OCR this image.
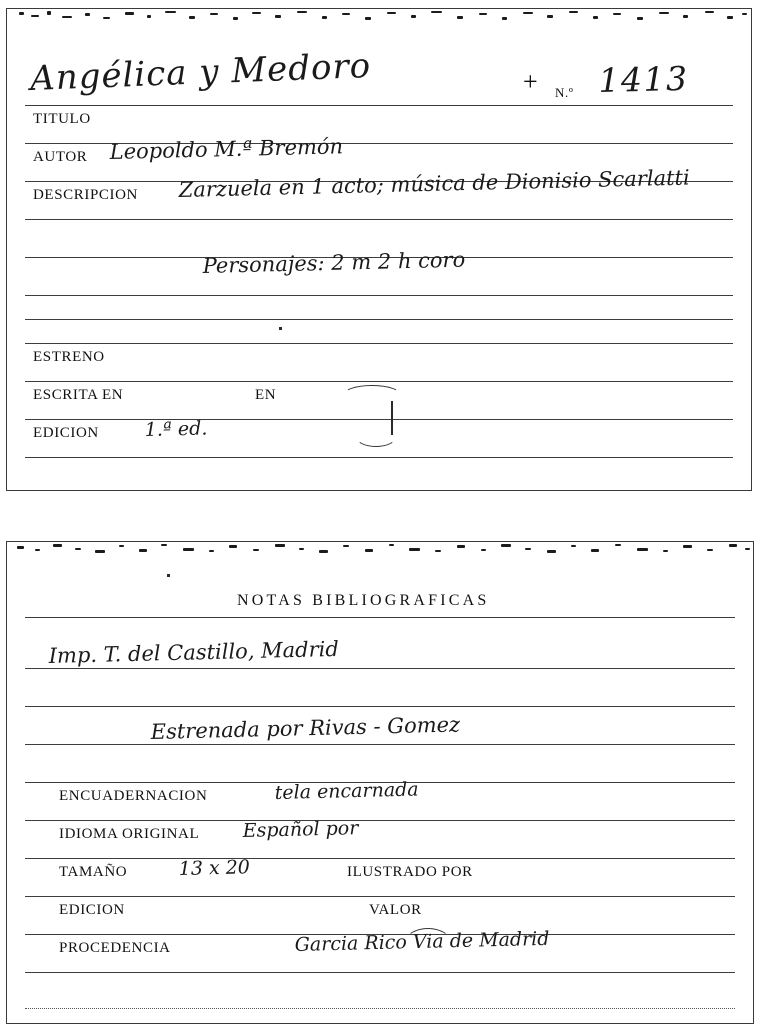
Angélica y Medoro	+ N.º 1413
TITULO
AUTOR Leopoldo M.ª Bremón
DESCRIPCION Zarzuela en 1 acto; música de Dionisio Scarlatti
Personajes: 2 m 2 h coro
ESTRENO
ESCRITA EN	EN
EDICION 1.ª ed.
NOTAS BIBLIOGRAFICAS
Imp. T. del Castillo, Madrid
Estrenada por Rivas - Gomez
ENCUADERNACION	tela encarnada
IDIOMA ORIGINAL Español por
TAMAÑO	13 x 20	ILUSTRADO POR
EDICION	VALOR
PROCEDENCIA	Garcia Rico Via de Madrid
